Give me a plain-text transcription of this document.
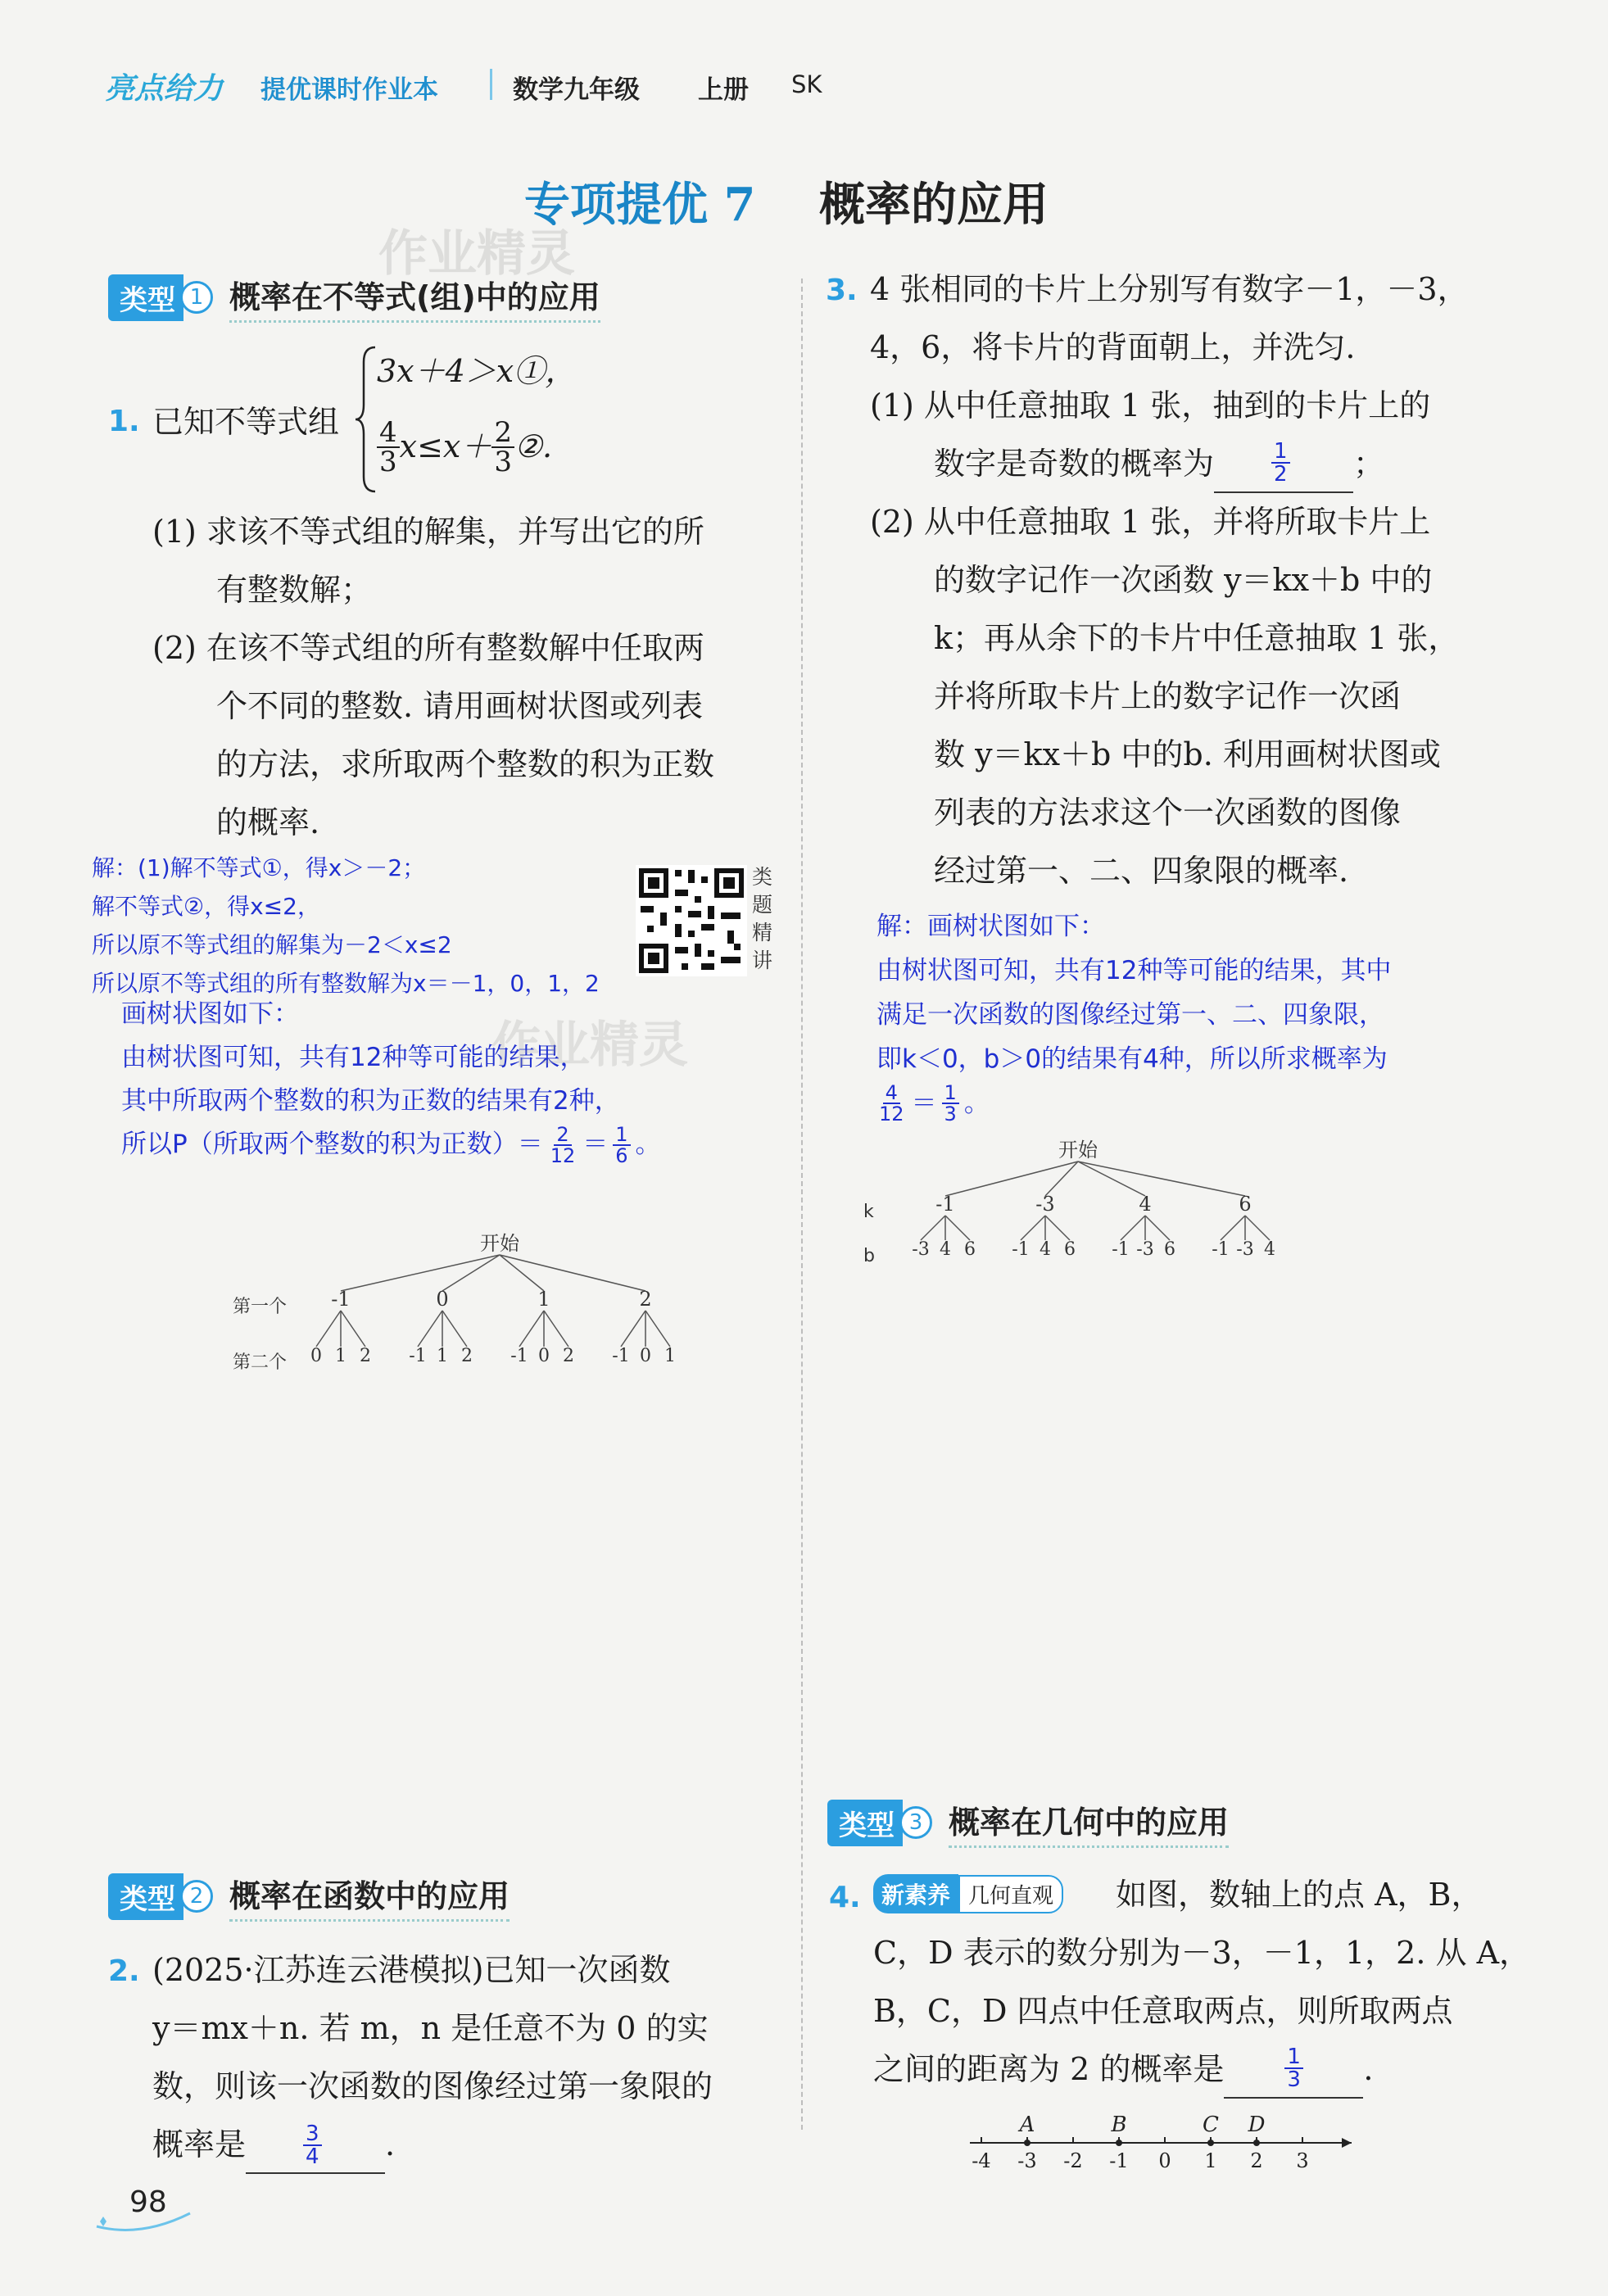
亮点给力 提优课时作业本	数学九年级 上册 SK
专项提优 7 概率的应用
作业精灵
类型 1 概率在不等式(组)中的应用
1. 已知不等式组
3x＋4＞x①，
$\frac{4}{3} x\le x+ \frac{2}{3}$ ②.
(1) 求该不等式组的解集，并写出它的所
有整数解；
(2) 在该不等式组的所有整数解中任取两
个不同的整数. 请用画树状图或列表
的方法，求所取两个整数的积为正数
的概率.
解：(1)解不等式①，得x＞－2；
解不等式②，得x≤2，
所以原不等式组的解集为－2＜x≤2
所以原不等式组的所有整数解为x＝－1，0，1，2
画树状图如下：
由树状图可知，共有12种等可能的结果，
其中所取两个整数的积为正数的结果有2种，
所以P（所取两个整数的积为正数）＝ $\frac{2}{12} = \frac{1}{6}$ 。
作业精灵
类题精讲
开始
第一个
第二个
-1
0 1 2
0
-1 1 2
1
-1 0 2
2
-1 0 1
类型 2 概率在函数中的应用
2. (2025·江苏连云港模拟)已知一次函数
y＝mx＋n. 若 m，n 是任意不为 0 的实
数，则该一次函数的图像经过第一象限的
概率是	$\frac{3}{4}$ .
3. 4 张相同的卡片上分别写有数字－1，－3，
4，6，将卡片的背面朝上，并洗匀.
(1) 从中任意抽取 1 张，抽到的卡片上的
数字是奇数的概率为	$\frac{1}{2}$ ；
(2) 从中任意抽取 1 张，并将所取卡片上
的数字记作一次函数 y＝kx＋b 中的
k；再从余下的卡片中任意抽取 1 张，
并将所取卡片上的数字记作一次函
数 y＝kx＋b 中的b. 利用画树状图或
列表的方法求这个一次函数的图像
经过第一、二、四象限的概率.
解：画树状图如下：
由树状图可知，共有12种等可能的结果，其中
满足一次函数的图像经过第一、二、四象限，
即k＜0，b＞0的结果有4种，所以所求概率为
$\frac{4}{12} = \frac{1}{3}$ 。
开始
k
b
-1
-3 4 6
-3
-1 4 6
4
-1 -3 6
6
-1 -3 4
类型 3 概率在几何中的应用
4. 新素养 几何直观	如图，数轴上的点 A，B，
C，D 表示的数分别为－3，－1，1，2. 从 A，
B，C，D 四点中任意取两点，则所取两点
之间的距离为 2 的概率是	$\frac{1}{3}$ .
-4 -3 -2 -1 0 1 2 3
A	B	C D
98
